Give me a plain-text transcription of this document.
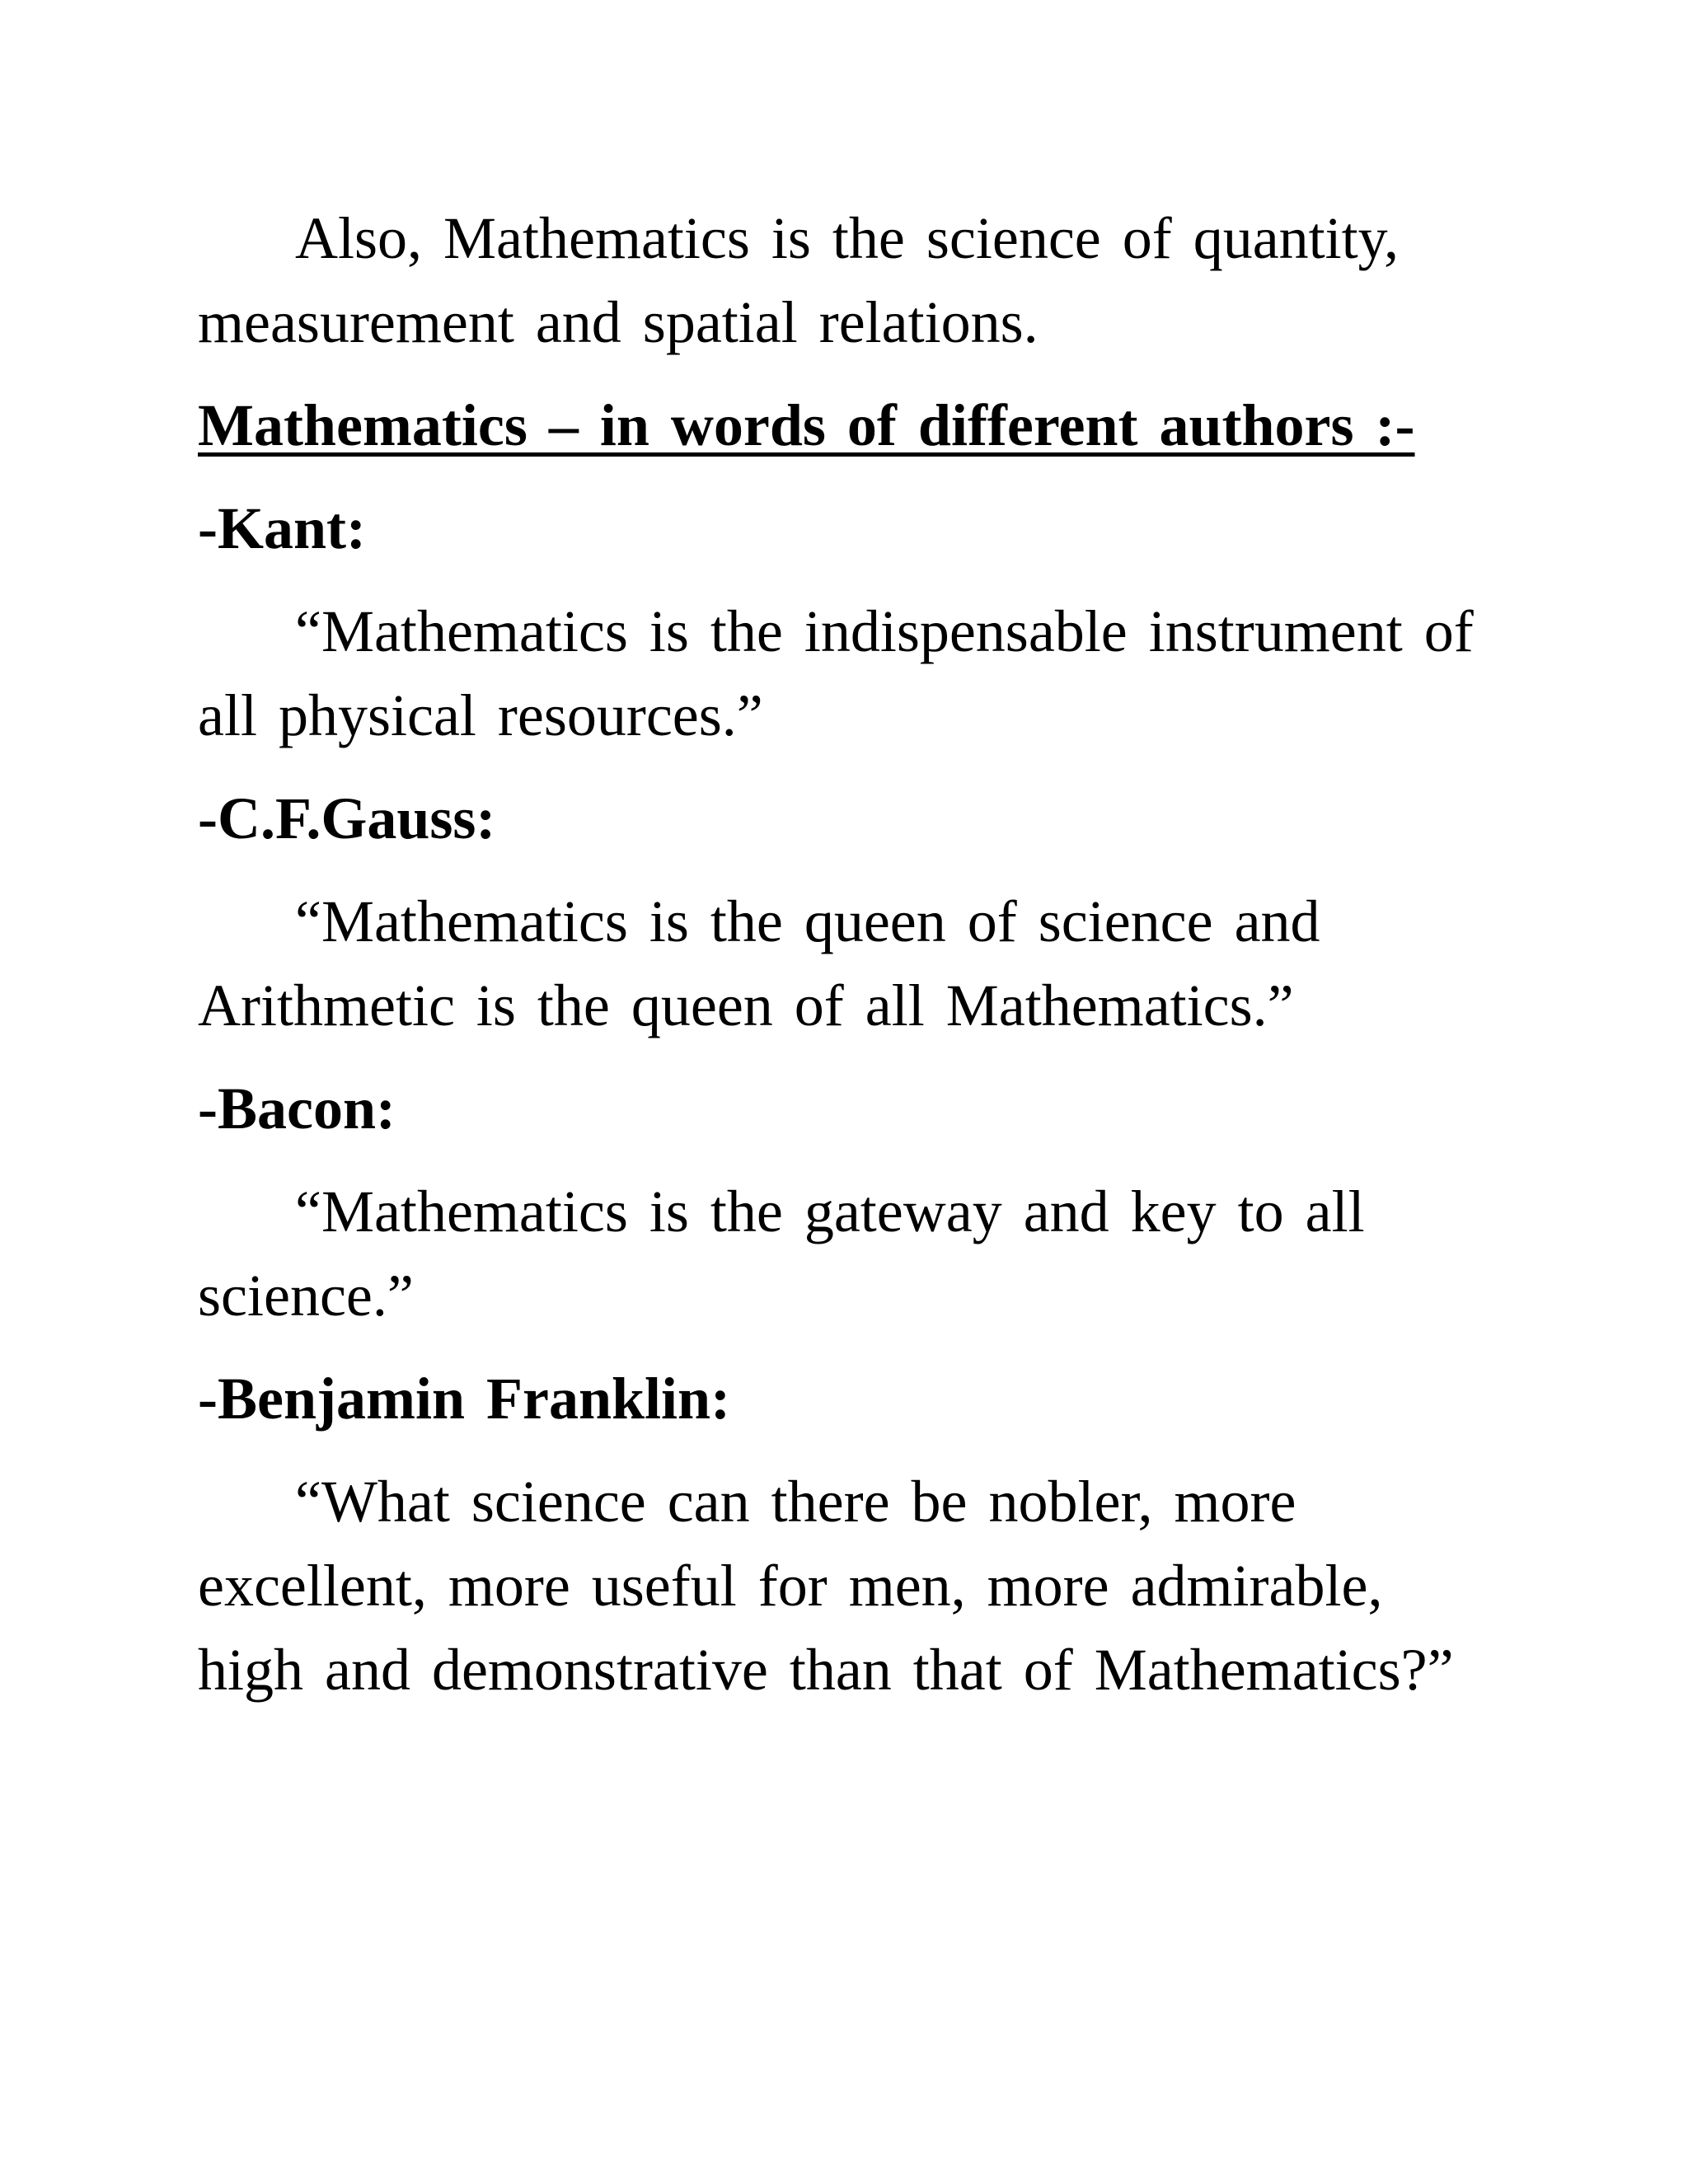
Also, Mathematics is the science of quantity,
measurement and spatial relations.

Mathematics – in words of different authors :-
-Kant:

“Mathematics is the indispensable instrument of
all physical resources.”

-C.F.Gauss:

“Mathematics is the queen of science and
Arithmetic is the queen of all Mathematics.”

-Bacon:

“Mathematics is the gateway and key to all
science.”

-Benjamin Franklin:

“What science can there be nobler, more
excellent, more useful for men, more admirable,
high and demonstrative than that of Mathematics?”
